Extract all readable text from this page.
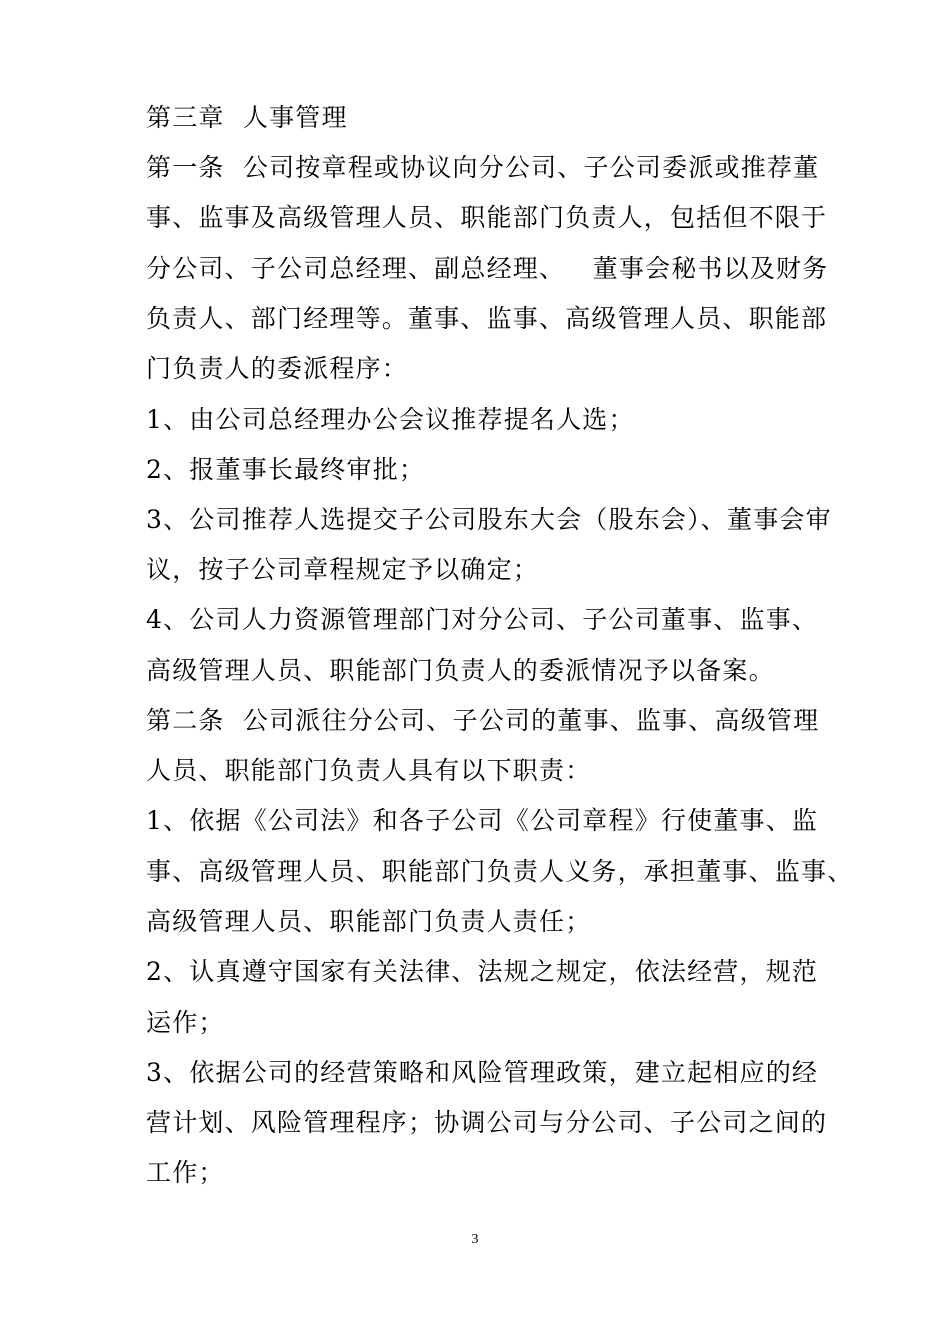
第三章  人事管理
第一条  公司按章程或协议向分公司、子公司委派或推荐董
事、监事及高级管理人员、职能部门负责人，包括但不限于
分公司、子公司总经理、副总经理、   董事会秘书以及财务
负责人、部门经理等。董事、监事、高级管理人员、职能部
门负责人的委派程序：
1、由公司总经理办公会议推荐提名人选；
2、报董事长最终审批；
3、公司推荐人选提交子公司股东大会（股东会）、董事会审
议，按子公司章程规定予以确定；
4、公司人力资源管理部门对分公司、子公司董事、监事、
高级管理人员、职能部门负责人的委派情况予以备案。
第二条  公司派往分公司、子公司的董事、监事、高级管理
人员、职能部门负责人具有以下职责：
1、依据《公司法》和各子公司《公司章程》行使董事、监
事、高级管理人员、职能部门负责人义务，承担董事、监事、
高级管理人员、职能部门负责人责任；
2、认真遵守国家有关法律、法规之规定，依法经营，规范
运作；
3、依据公司的经营策略和风险管理政策，建立起相应的经
营计划、风险管理程序；协调公司与分公司、子公司之间的
工作；
3
